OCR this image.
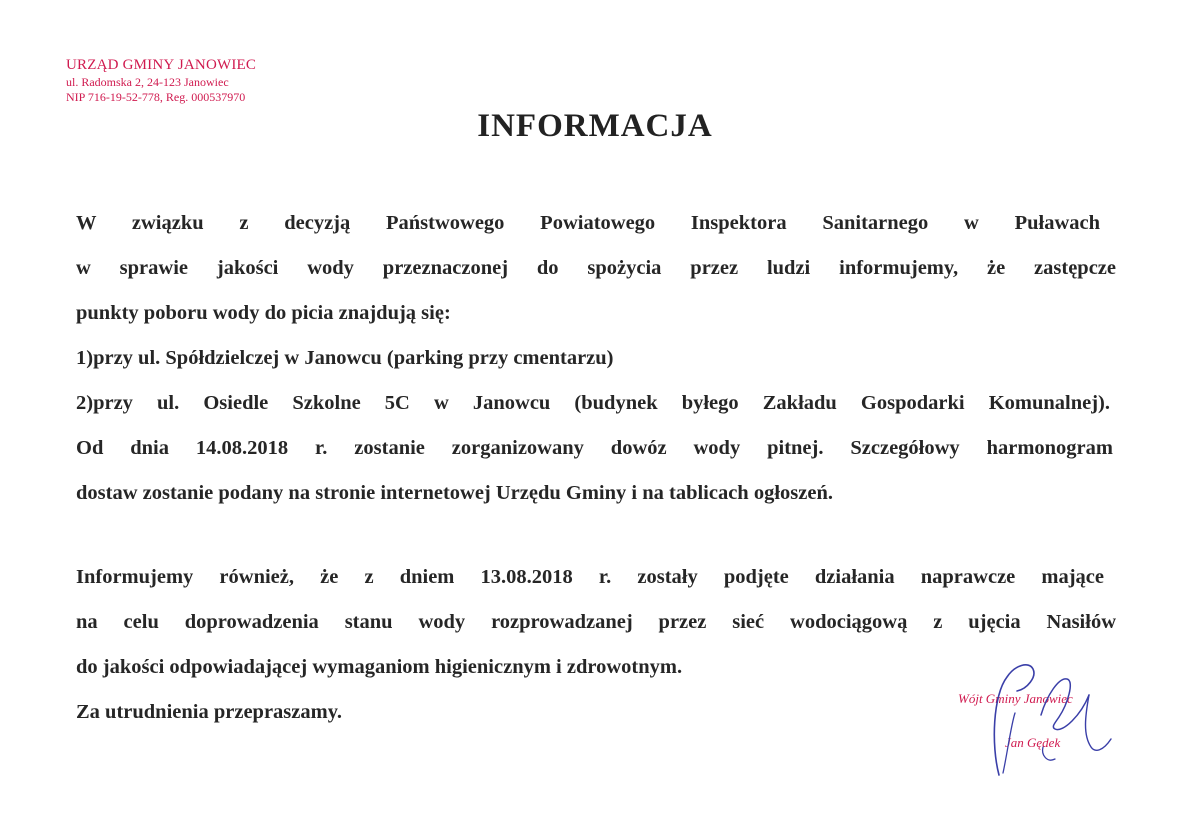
URZĄD GMINY JANOWIEC
ul. Radomska 2, 24-123 Janowiec
NIP 716-19-52-778, Reg. 000537970
INFORMACJA
W związku z decyzją Państwowego Powiatowego Inspektora Sanitarnego w Puławach
w sprawie jakości wody przeznaczonej do spożycia przez ludzi informujemy, że zastępcze
punkty poboru wody do picia znajdują się:
1)przy ul. Spółdzielczej w Janowcu (parking przy cmentarzu)
2)przy ul. Osiedle Szkolne 5C w Janowcu (budynek byłego Zakładu Gospodarki Komunalnej).
Od dnia 14.08.2018 r. zostanie zorganizowany dowóz wody pitnej. Szczegółowy harmonogram
dostaw zostanie podany na stronie internetowej Urzędu Gminy i na tablicach ogłoszeń.
Informujemy również, że z dniem 13.08.2018 r. zostały podjęte działania naprawcze mające
na celu doprowadzenia stanu wody rozprowadzanej przez sieć wodociągową z ujęcia Nasiłów
do jakości odpowiadającej wymaganiom higienicznym i zdrowotnym.
Za utrudnienia przepraszamy.
Wójt Gminy Janowiec
Jan Gędek
